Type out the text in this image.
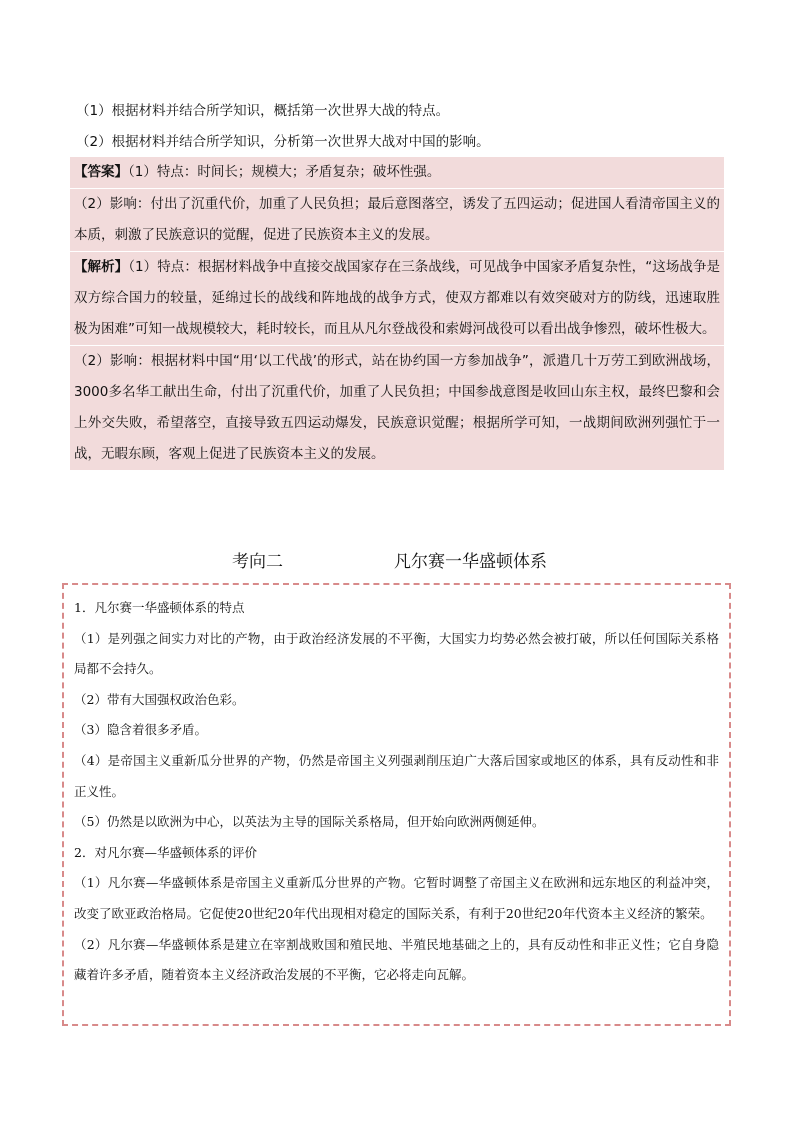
（1）根据材料并结合所学知识，概括第一次世界大战的特点。
（2）根据材料并结合所学知识，分析第一次世界大战对中国的影响。

【答案】（1）特点：时间长；规模大；矛盾复杂；破坏性强。

（2）影响：付出了沉重代价，加重了人民负担；最后意图落空，诱发了五四运动；促进国人看清帝国主义的本质，刺激了民族意识的觉醒，促进了民族资本主义的发展。

【解析】（1）特点：根据材料战争中直接交战国家存在三条战线，可见战争中国家矛盾复杂性，“这场战争是双方综合国力的较量，延绵过长的战线和阵地战的战争方式，使双方都难以有效突破对方的防线，迅速取胜极为困难”可知一战规模较大，耗时较长，而且从凡尔登战役和索姆河战役可以看出战争惨烈，破坏性极大。

（2）影响：根据材料中国“用‘以工代战’的形式，站在协约国一方参加战争”，派遣几十万劳工到欧洲战场，3000多名华工献出生命，付出了沉重代价，加重了人民负担；中国参战意图是收回山东主权，最终巴黎和会上外交失败，希望落空，直接导致五四运动爆发，民族意识觉醒；根据所学可知，一战期间欧洲列强忙于一战，无暇东顾，客观上促进了民族资本主义的发展。

考向二	凡尔赛一华盛顿体系

1．凡尔赛一华盛顿体系的特点

（1）是列强之间实力对比的产物，由于政治经济发展的不平衡，大国实力均势必然会被打破，所以任何国际关系格局都不会持久。

（2）带有大国强权政治色彩。

（3）隐含着很多矛盾。

（4）是帝国主义重新瓜分世界的产物，仍然是帝国主义列强剥削压迫广大落后国家或地区的体系，具有反动性和非正义性。

（5）仍然是以欧洲为中心，以英法为主导的国际关系格局，但开始向欧洲两侧延伸。

2．对凡尔赛—华盛顿体系的评价

（1）凡尔赛—华盛顿体系是帝国主义重新瓜分世界的产物。它暂时调整了帝国主义在欧洲和远东地区的利益冲突，改变了欧亚政治格局。它促使20世纪20年代出现相对稳定的国际关系，有利于20世纪20年代资本主义经济的繁荣。

（2）凡尔赛—华盛顿体系是建立在宰割战败国和殖民地、半殖民地基础之上的，具有反动性和非正义性；它自身隐藏着许多矛盾，随着资本主义经济政治发展的不平衡，它必将走向瓦解。
